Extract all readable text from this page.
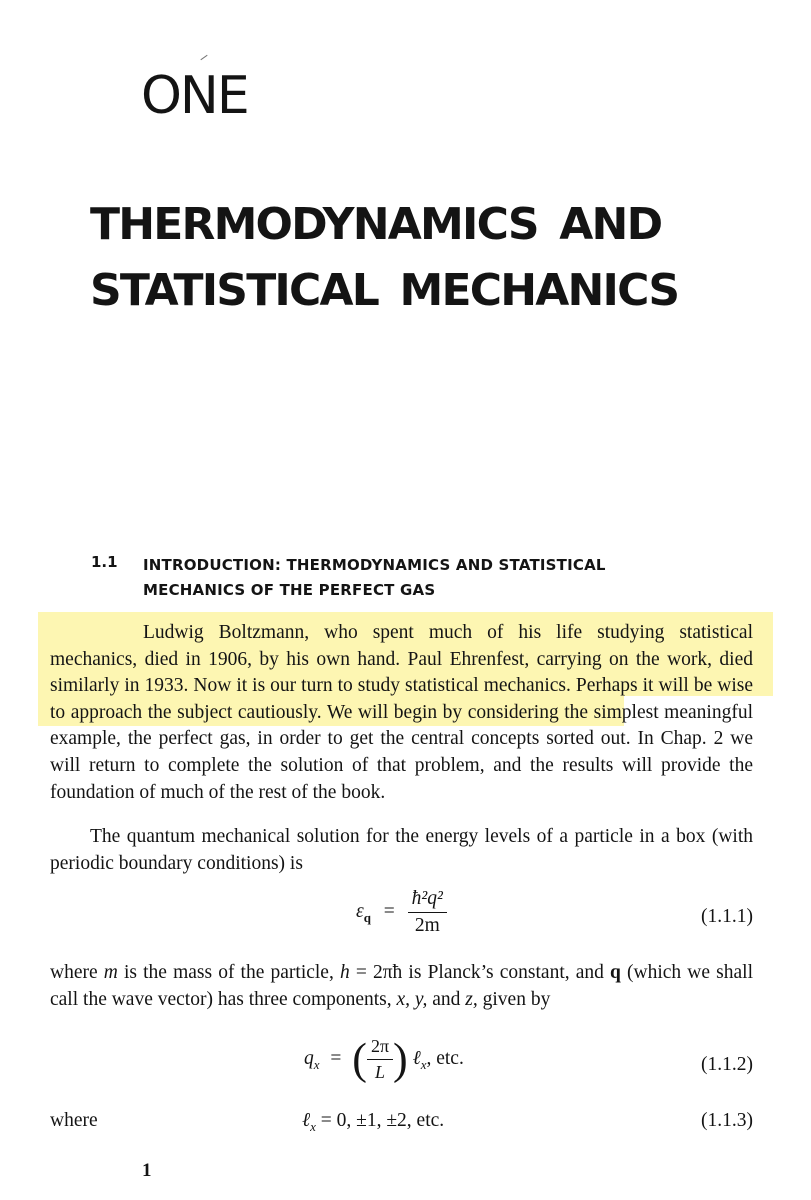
ONE
THERMODYNAMICS AND
STATISTICAL MECHANICS
1.1 INTRODUCTION: THERMODYNAMICS AND STATISTICAL
MECHANICS OF THE PERFECT GAS
Ludwig Boltzmann, who spent much of his life studying statistical mechanics, died in 1906, by his own hand. Paul Ehrenfest, carrying on the work, died similarly in 1933. Now it is our turn to study statistical mechanics. Perhaps it will be wise to approach the subject cautiously. We will begin by considering the simplest meaningful example, the perfect gas, in order to get the central concepts sorted out. In Chap. 2 we will return to complete the solution of that problem, and the results will provide the foundation of much of the rest of the book.
The quantum mechanical solution for the energy levels of a particle in a box (with periodic boundary conditions) is
$\varepsilon_q = \frac{\text{ħ²q²}}{2m}$	(1.1.1)
where m is the mass of the particle, h = 2πħ is Planck’s constant, and q (which we shall call the wave vector) has three components, x, y, and z, given by
$q_x$ = ( $\frac{2\pi}{L}$ ) ℓ$_x$, etc.	(1.1.2)
where	ℓ$_x$ = 0, ±1, ±2, etc.	(1.1.3)
1
